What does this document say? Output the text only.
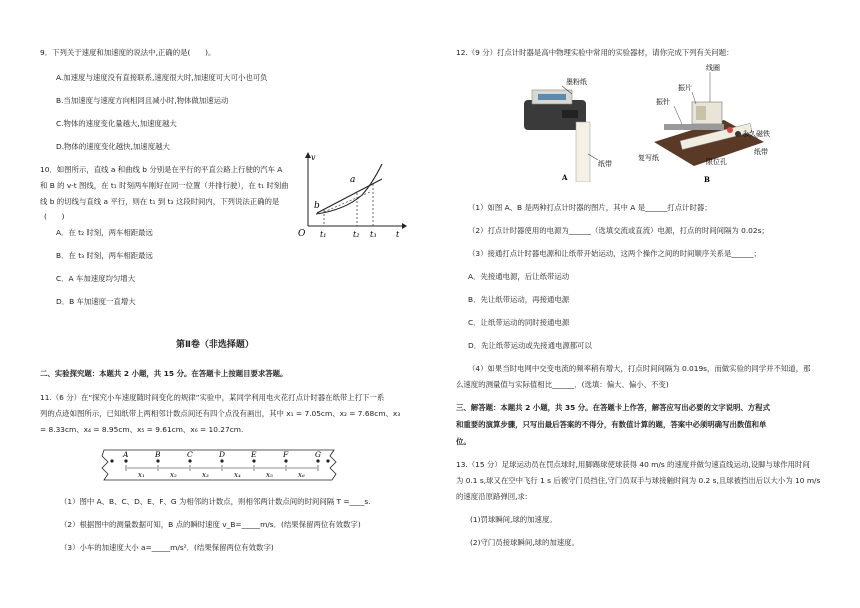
9．下列关于速度和加速度的说法中,正确的是(　　)。
A.加速度与速度没有直接联系,速度很大时,加速度可大可小也可负
B.当加速度与速度方向相同且减小时,物体做加速运动
C.物体的速度变化量越大,加速度越大
D.物体的速度变化越快,加速度越大
10．如图所示，直线 a 和曲线 b 分别是在平行的平直公路上行驶的汽车 A
和 B 的 v-t 图线，在 t₁ 时刻两车刚好在同一位置（并排行驶），在 t₁ 时刻曲
线 b 的切线与直线 a 平行，则在 t₁ 到 t₃ 这段时间内，下列说法正确的是
(　　)
A．在 t₂ 时刻，两车相距最远
B．在 t₃ 时刻，两车相距最远
C．A 车加速度均匀增大
D．B 车加速度一直增大
O
b
a
t₁	t₂ t₃ t
v
第Ⅱ卷（非选择题）
二、实验探究题：本题共 2 小题，共 15 分。在答题卡上按题目要求答题。
11.（6 分）在“探究小车速度随时间变化的规律”实验中，某同学利用电火花打点计时器在纸带上打下一系
列的点迹如图所示，已知纸带上两相邻计数点间还有四个点没有画出，其中 x₁ = 7.05cm、x₂ = 7.68cm、x₃
= 8.33cm、x₄ = 8.95cm、x₅ = 9.61cm、x₆ = 10.27cm.
A	B	C	D	E	F	G
x₁	x₂	x₃	x₄	x₅	x₆
（1）图中 A、B、C、D、E、F、G 为相邻的计数点，则相邻两计数点间的时间间隔 T =____s.
（2）根据图中的测量数据可知，B 点的瞬时速度 v_B=_____m/s．(结果保留两位有效数字)
（3）小车的加速度大小 a=_____m/s²．(结果保留两位有效数字)
12.（9 分）打点计时器是高中物理实验中常用的实验器材，请你完成下列有关问题：
墨粉纸
纸带
A
线圈
振片
振针
永久磁铁
复写纸	限位孔
纸带
B
（1）如图 A、B 是两种打点计时器的图片，其中 A 是______打点计时器；
（2）打点计时器使用的电源为______（选填交流或直流）电源，打点的时间间隔为 0.02s；
（3）接通打点计时器电源和让纸带开始运动，这两个操作之间的时间顺序关系是______；
A．先接通电源，后让纸带运动
B．先让纸带运动，再接通电源
C．让纸带运动的同时接通电源
D．先让纸带运动或先接通电源都可以
（4）如果当时电网中交变电流的频率稍有增大，打点时间间隔为 0.019s，而做实验的同学并不知道，那
么速度的测量值与实际值相比______．(选填：偏大、偏小、不变)
三、解答题：本题共 2 小题，共 35 分。在答题卡上作答，解答应写出必要的文字说明、方程式
和重要的演算步骤，只写出最后答案的不得分，有数值计算的题，答案中必须明确写出数值和单
位。
13.（15 分）足球运动员在罚点球时,用脚踢球使球获得 40 m/s 的速度并做匀速直线运动,设脚与球作用时间
为 0.1 s,球又在空中飞行 1 s 后被守门员挡住,守门员双手与球接触时间为 0.2 s,且球被挡出后以大小为 10 m/s
的速度沿原路弹回,求:
(1)罚球瞬间,球的加速度。
(2)守门员接球瞬间,球的加速度。
